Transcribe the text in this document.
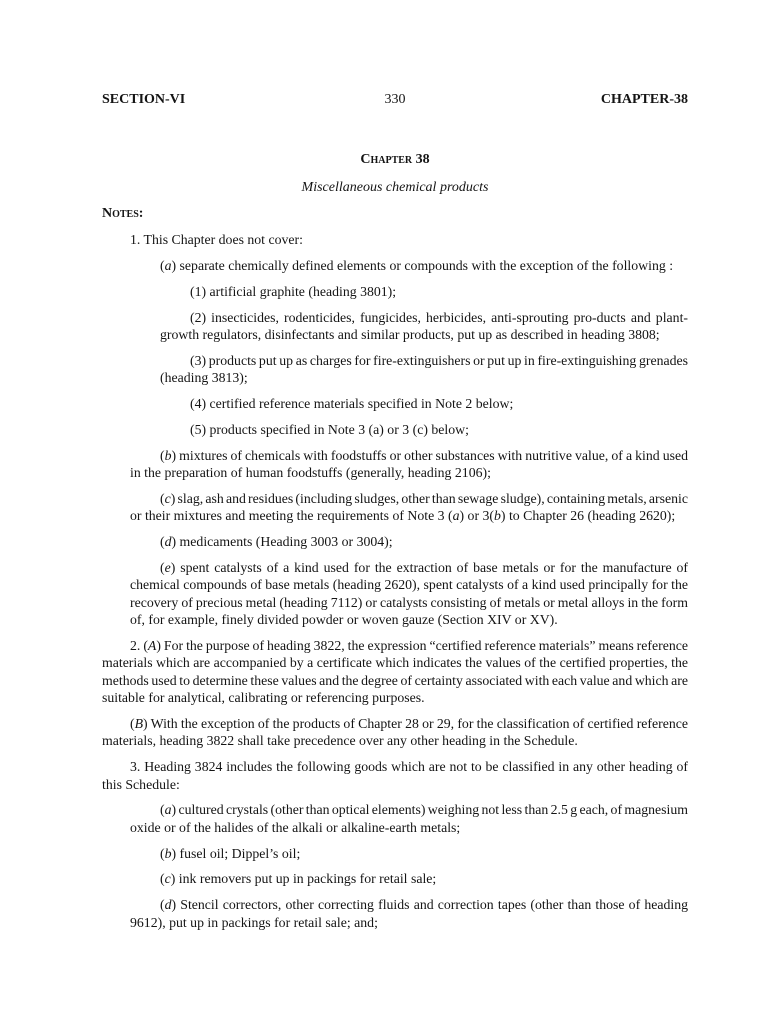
SECTION-VI	330	CHAPTER-38
Chapter 38
Miscellaneous chemical products
Notes:
1. This Chapter does not cover:
(a) separate chemically defined elements or compounds with the exception of the following :
(1) artificial graphite (heading 3801);
(2) insecticides, rodenticides, fungicides, herbicides, anti-sprouting pro-ducts and plant-
growth regulators, disinfectants and similar products, put up as described in heading 3808;
(3) products put up as charges for fire-extinguishers or put up in fire-extinguishing grenades
(heading 3813);
(4) certified reference materials specified in Note 2 below;
(5) products specified in Note 3 (a) or 3 (c) below;
(b) mixtures of chemicals with foodstuffs or other substances with nutritive value, of a kind used
in the preparation of human foodstuffs (generally, heading 2106);
(c) slag, ash and residues (including sludges, other than sewage sludge), containing metals, arsenic
or their mixtures and meeting the requirements of Note 3 (a) or 3(b) to Chapter 26 (heading 2620);
(d) medicaments (Heading 3003 or 3004);
(e) spent catalysts of a kind used for the extraction of base metals or for the manufacture of
chemical compounds of base metals (heading 2620), spent catalysts of a kind used principally for the
recovery of precious metal (heading 7112) or catalysts consisting of metals or metal alloys in the form
of, for example, finely divided powder or woven gauze (Section XIV or XV).
2. (A) For the purpose of heading 3822, the expression “certified reference materials” means reference
materials which are accompanied by a certificate which indicates the values of the certified properties, the
methods used to determine these values and the degree of certainty associated with each value and which are
suitable for analytical, calibrating or referencing purposes.
(B) With the exception of the products of Chapter 28 or 29, for the classification of certified reference
materials, heading 3822 shall take precedence over any other heading in the Schedule.
3. Heading 3824 includes the following goods which are not to be classified in any other heading of
this Schedule:
(a) cultured crystals (other than optical elements) weighing not less than 2.5 g each, of magnesium
oxide or of the halides of the alkali or alkaline-earth metals;
(b) fusel oil; Dippel’s oil;
(c) ink removers put up in packings for retail sale;
(d) Stencil correctors, other correcting fluids and correction tapes (other than those of heading
9612), put up in packings for retail sale; and;
